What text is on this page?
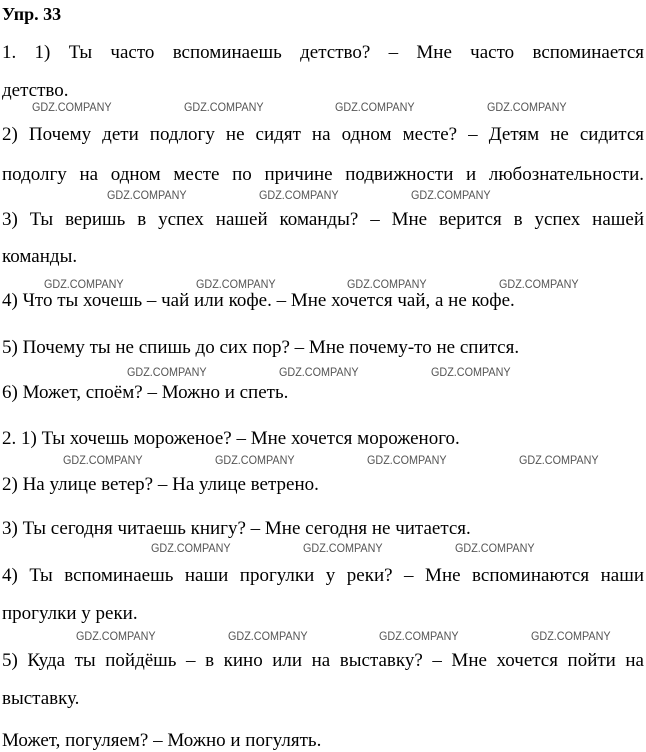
Упр. 33
1. 1) Ты часто вспоминаешь детство? – Мне часто вспоминается
детство.
2) Почему дети подлогу не сидят на одном месте? – Детям не сидится
подолгу на одном месте по причине подвижности и любознательности.
3) Ты веришь в успех нашей команды? – Мне верится в успех нашей
команды.
4) Что ты хочешь – чай или кофе. – Мне хочется чай, а не кофе.
5) Почему ты не спишь до сих пор? – Мне почему-то не спится.
6) Может, споём? – Можно и спеть.
2. 1) Ты хочешь мороженое? – Мне хочется мороженого.
2) На улице ветер? – На улице ветрено.
3) Ты сегодня читаешь книгу? – Мне сегодня не читается.
4) Ты вспоминаешь наши прогулки у реки? – Мне вспоминаются наши
прогулки у реки.
5) Куда ты пойдёшь – в кино или на выставку? – Мне хочется пойти на
выставку.
Может, погуляем? – Можно и погулять.
GDZ.COMPANY	GDZ.COMPANY	GDZ.COMPANY	GDZ.COMPANY
GDZ.COMPANY	GDZ.COMPANY	GDZ.COMPANY
GDZ.COMPANY	GDZ.COMPANY	GDZ.COMPANY	GDZ.COMPANY
GDZ.COMPANY	GDZ.COMPANY	GDZ.COMPANY
GDZ.COMPANY	GDZ.COMPANY	GDZ.COMPANY	GDZ.COMPANY
GDZ.COMPANY	GDZ.COMPANY	GDZ.COMPANY
GDZ.COMPANY	GDZ.COMPANY	GDZ.COMPANY	GDZ.COMPANY
